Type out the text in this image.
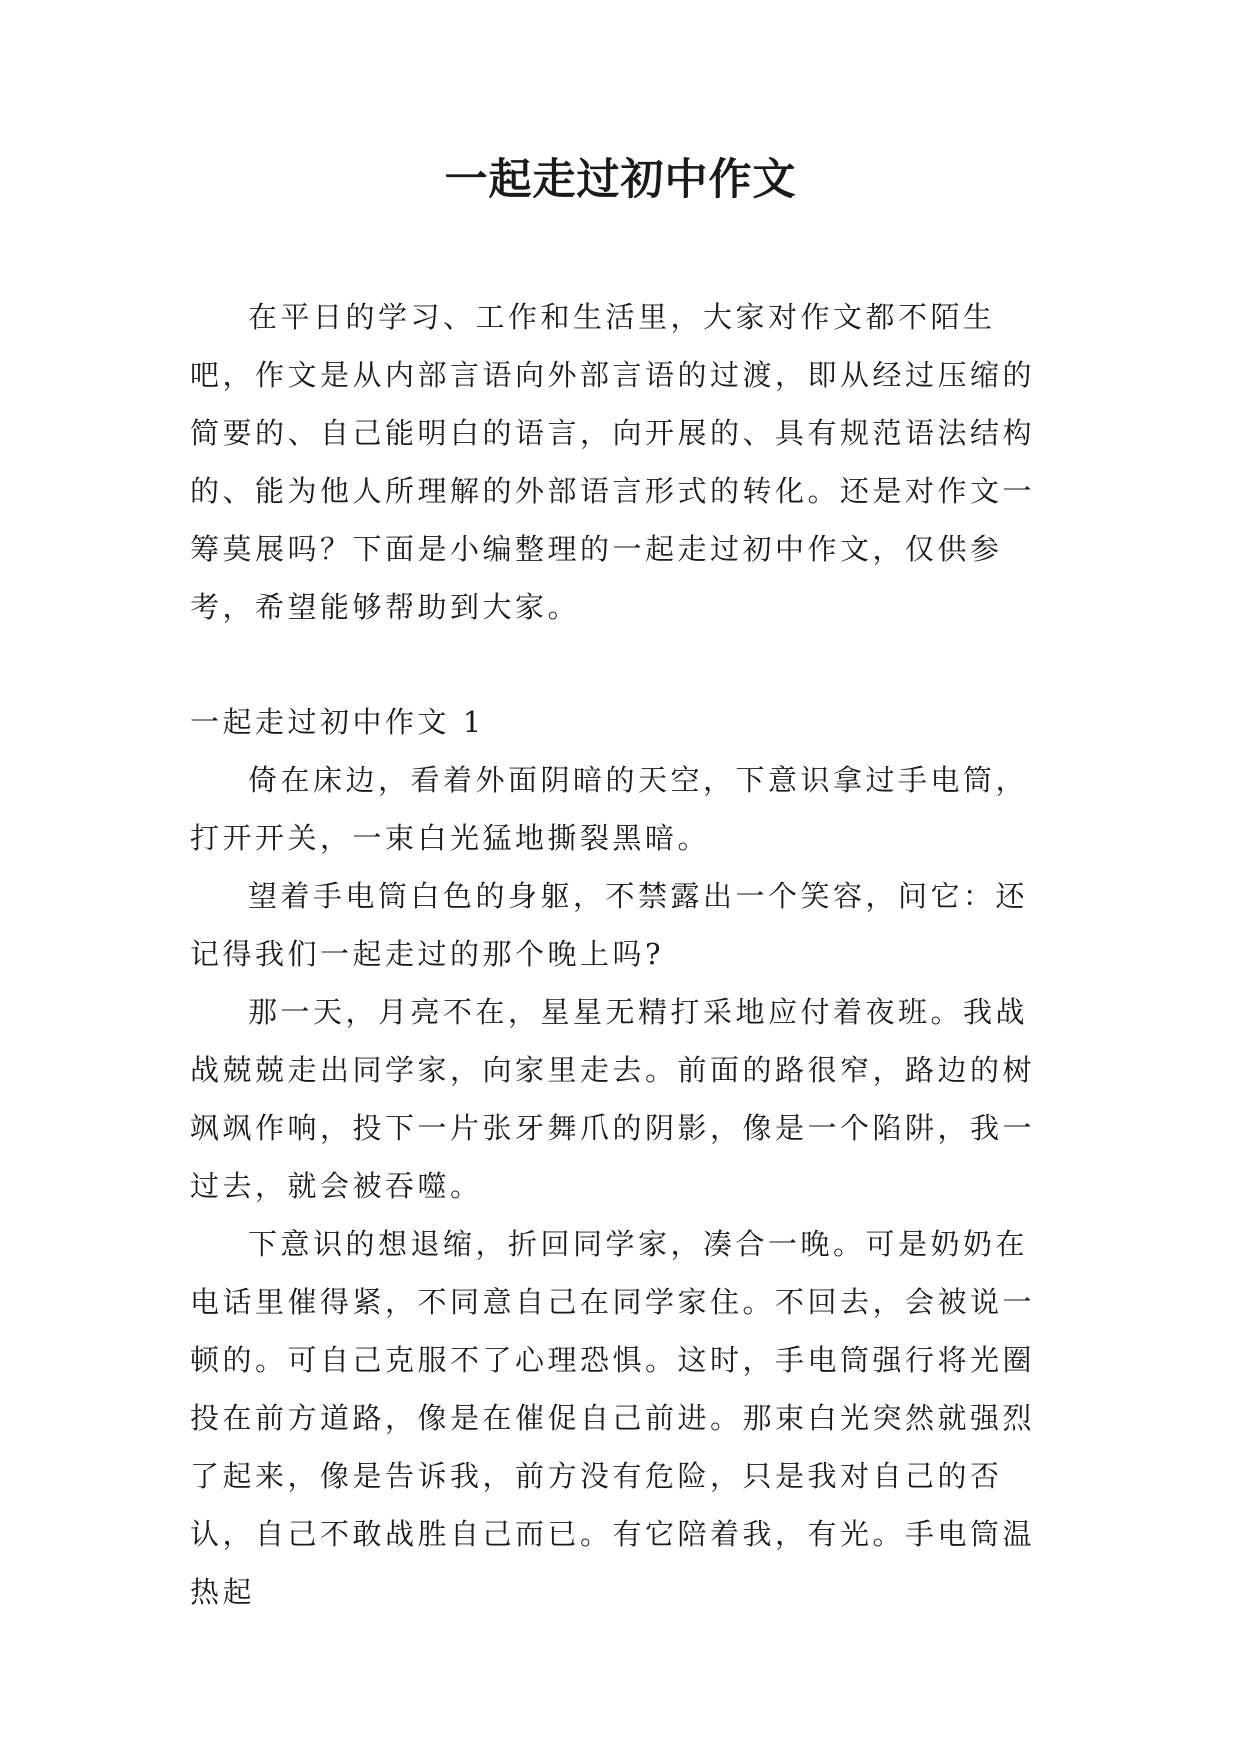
一起走过初中作文

在平日的学习、工作和生活里，大家对作文都不陌生吧，作文是从内部言语向外部言语的过渡，即从经过压缩的简要的、自己能明白的语言，向开展的、具有规范语法结构的、能为他人所理解的外部语言形式的转化。还是对作文一筹莫展吗？下面是小编整理的一起走过初中作文，仅供参考，希望能够帮助到大家。

一起走过初中作文 1

倚在床边，看着外面阴暗的天空，下意识拿过手电筒，打开开关，一束白光猛地撕裂黑暗。

望着手电筒白色的身躯，不禁露出一个笑容，问它：还记得我们一起走过的那个晚上吗?

那一天，月亮不在，星星无精打采地应付着夜班。我战战兢兢走出同学家，向家里走去。前面的路很窄，路边的树飒飒作响，投下一片张牙舞爪的阴影，像是一个陷阱，我一过去，就会被吞噬。

下意识的想退缩，折回同学家，凑合一晚。可是奶奶在电话里催得紧，不同意自己在同学家住。不回去，会被说一顿的。可自己克服不了心理恐惧。这时，手电筒强行将光圈投在前方道路，像是在催促自己前进。那束白光突然就强烈了起来，像是告诉我，前方没有危险，只是我对自己的否认，自己不敢战胜自己而已。有它陪着我，有光。手电筒温热起
